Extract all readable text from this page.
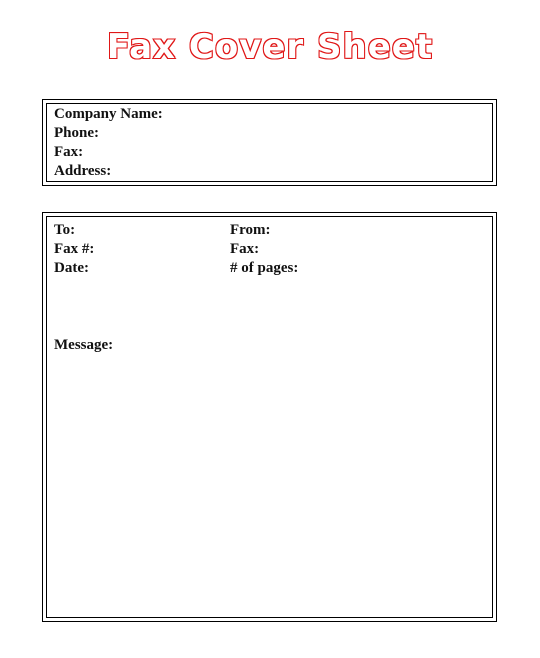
Fax Cover Sheet
Company Name:
Phone:
Fax:
Address:
To:	From:
Fax #:	Fax:
Date:	# of pages:
Message:
